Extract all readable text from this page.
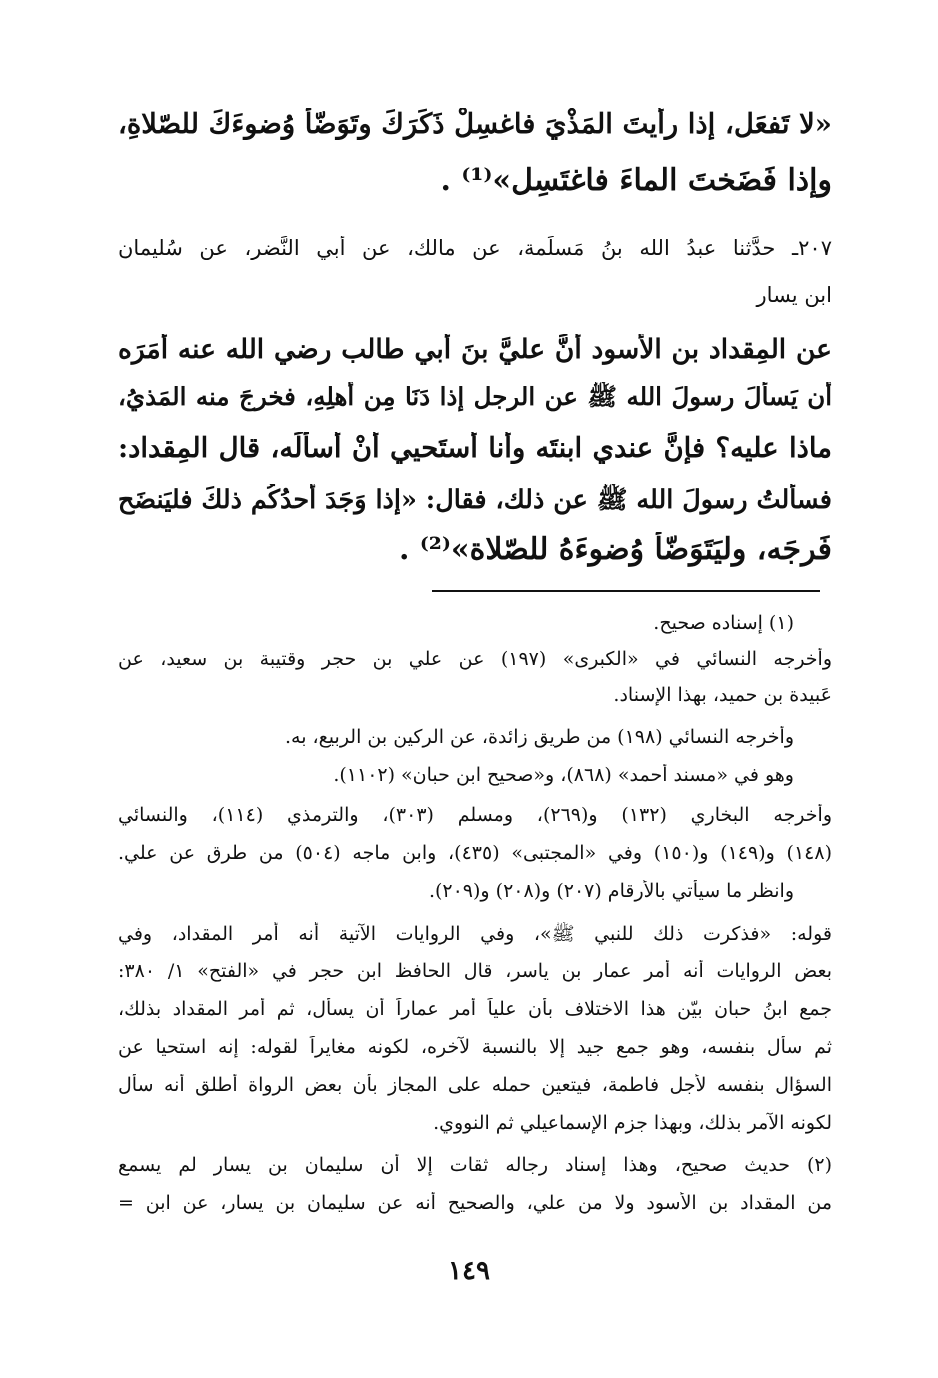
«لا تَفعَل، إذا رأيتَ المَذْيَ فاغسِلْ ذَكَرَكَ وتَوَضّأ وُضوءَكَ للصّلاةِ،
وإذا فَضَختَ الماءَ فاغتَسِل»⁽¹⁾ .
٢٠٧ـ حدَّثنا عبدُ الله بنُ مَسلَمة، عن مالك، عن أبي النَّضر، عن سُليمان
ابن يسار
عن المِقداد بن الأسود أنَّ عليَّ بنَ أبي طالب رضي الله عنه أَمَرَه
أن يَسألَ رسولَ الله ﷺ عن الرجل إذا دَنَا مِن أهلِهِ، فخرجَ منه المَذيُ،
ماذا عليه؟ فإنَّ عندي ابنتَه وأنا أستَحيي أنْ أسألَه، قال المِقداد:
فسألتُ رسولَ الله ﷺ عن ذلك، فقال: «إذا وَجَدَ أحدُكُم ذلكَ فليَنضَح
فَرجَه، وليَتَوَضّأ وُضوءَهُ للصّلاة»⁽²⁾ .
(١) إسناده صحيح.
وأخرجه النسائي في «الكبرى» (١٩٧) عن علي بن حجر وقتيبة بن سعيد، عن
عَبيدة بن حميد، بهذا الإسناد.
وأخرجه النسائي (١٩٨) من طريق زائدة، عن الركين بن الربيع، به.
وهو في «مسند أحمد» (٨٦٨)، و«صحيح ابن حبان» (١١٠٢).
وأخرجه البخاري (١٣٢) و(٢٦٩)، ومسلم (٣٠٣)، والترمذي (١١٤)، والنسائي
(١٤٨) و(١٤٩) و(١٥٠) وفي «المجتبى» (٤٣٥)، وابن ماجه (٥٠٤) من طرق عن علي.
وانظر ما سيأتي بالأرقام (٢٠٧) و(٢٠٨) و(٢٠٩).
قوله: «فذكرت ذلك للنبي ﷺ»، وفي الروايات الآتية أنه أمر المقداد، وفي
بعض الروايات أنه أمر عمار بن ياسر، قال الحافظ ابن حجر في «الفتح» ١/ ٣٨٠:
جمع ابنُ حبان بيّن هذا الاختلاف بأن علياً أمر عماراً أن يسأل، ثم أمر المقداد بذلك،
ثم سأل بنفسه، وهو جمع جيد إلا بالنسبة لآخره، لكونه مغايراً لقوله: إنه استحيا عن
السؤال بنفسه لأجل فاطمة، فيتعين حمله على المجاز بأن بعض الرواة أطلق أنه سأل
لكونه الآمر بذلك، وبهذا جزم الإسماعيلي ثم النووي.
(٢) حديث صحيح، وهذا إسناد رجاله ثقات إلا أن سليمان بن يسار لم يسمع
من المقداد بن الأسود ولا من علي، والصحيح أنه عن سليمان بن يسار، عن ابن =
١٤٩
